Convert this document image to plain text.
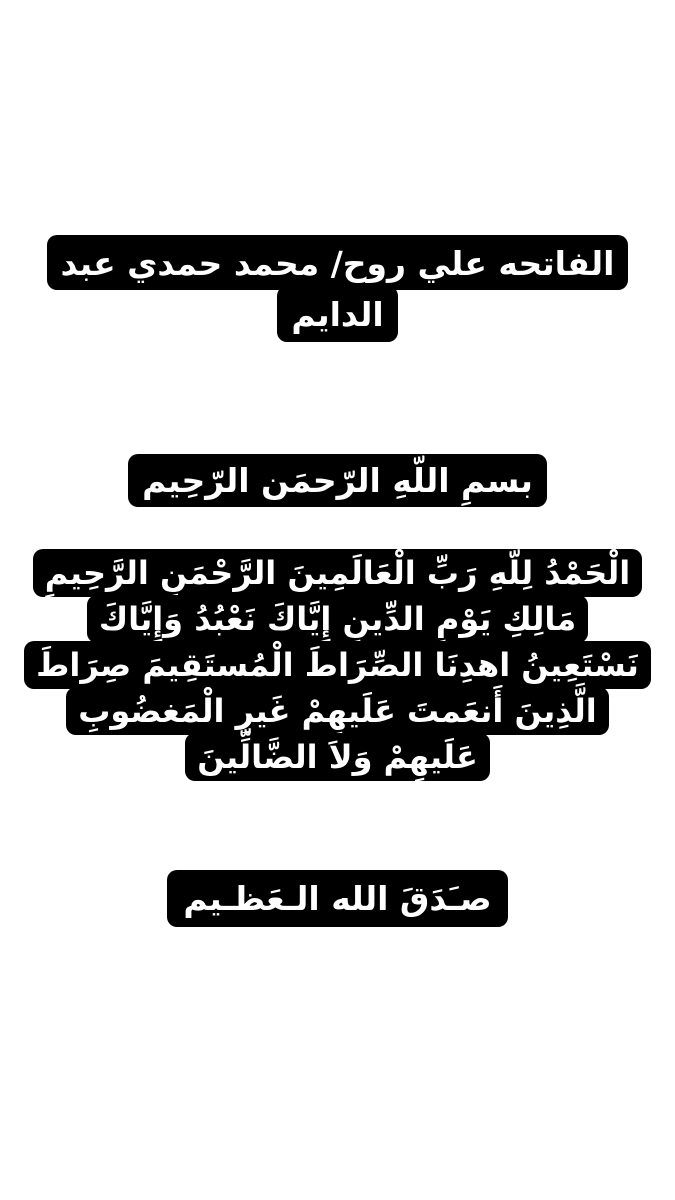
الفاتحه علي روح/ محمد حمدي عبد
الدايم
بسمِ اللّهِ الرّحمَن الرّحِيم
الْحَمْدُ لِلَّهِ رَبِّ الْعَالَمِينَ الرَّحْمَنِ الرَّحِيمِ
مَالِكِ يَوْمِ الدِّينِ إِيَّاكَ نَعْبُدُ وَإِيَّاكَ
نَسْتَعِينُ اهدِنَا الصِّرَاطَ الْمُستَقِيمَ صِرَاطَ
الَّذِينَ أَنعَمتَ عَلَيهِمْ غَيرِ الْمَغضُوبِ
عَلَيهِمْ وَلاَ الضَّالِّينَ
صـَدَقَ الله الـعَظـيم
